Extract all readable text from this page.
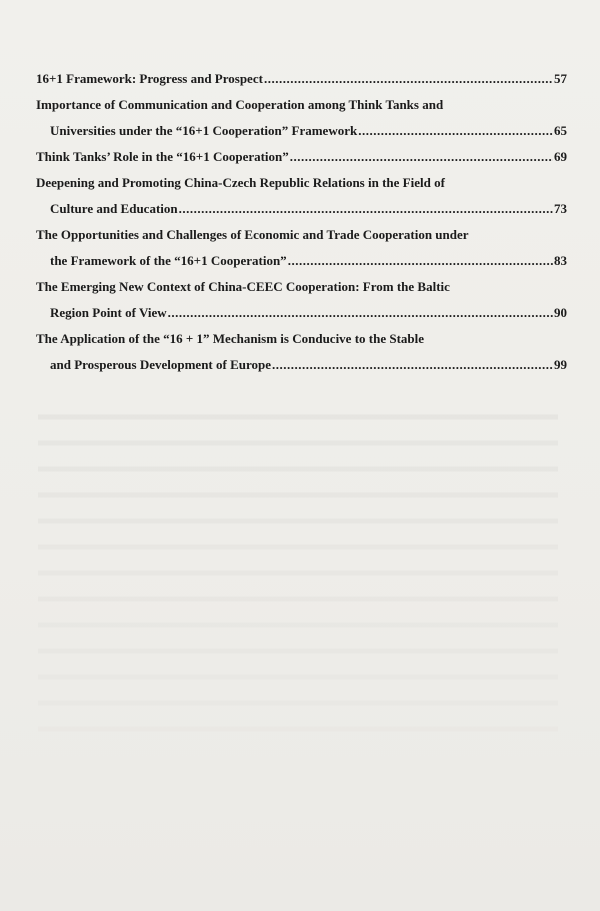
16+1 Framework: Progress and Prospect .....	57
Importance of Communication and Cooperation among Think Tanks and
Universities under the “16+1 Cooperation” Framework .....	65
Think Tanks’ Role in the “16+1 Cooperation” .....	69
Deepening and Promoting China-Czech Republic Relations in the Field of
Culture and Education .....	73
The Opportunities and Challenges of Economic and Trade Cooperation under
the Framework of the “16+1 Cooperation” .....	83
The Emerging New Context of China-CEEC Cooperation: From the Baltic
Region Point of View .....	90
The Application of the “16 + 1” Mechanism is Conducive to the Stable
and Prosperous Development of Europe .....	99
